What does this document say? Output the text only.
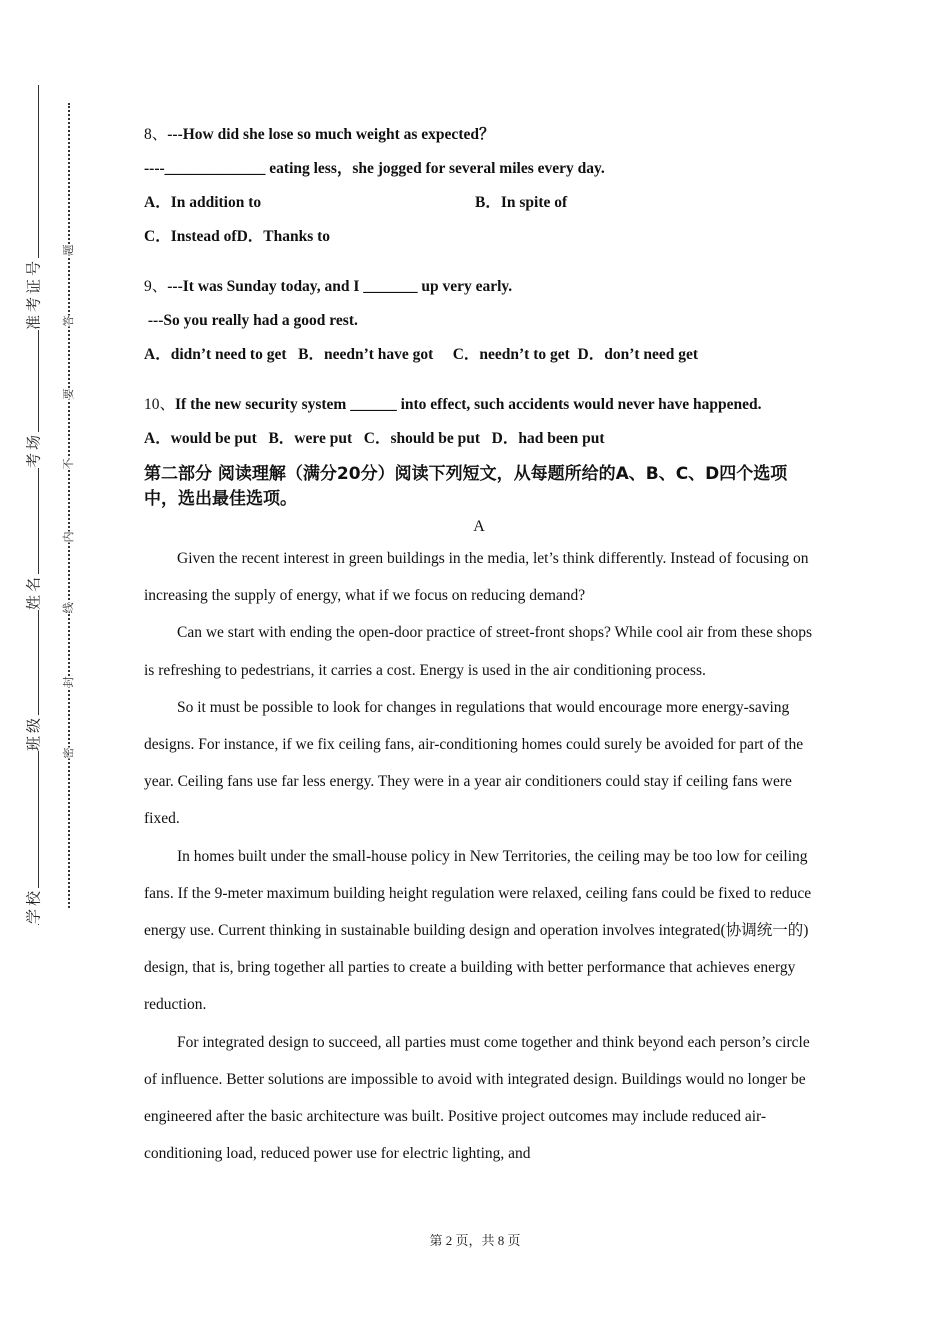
准考证号
考场
姓名
班级
学校
密
封
线
内
不
要
答
题
8、---How did she lose so much weight as expected？
----_____________ eating less，she jogged for several miles every day.
A．In addition to	B．In spite of
C．Instead ofD．Thanks to
9、---It was Sunday today, and I _______ up very early.
---So you really had a good rest.
A．didn’t need to get   B．needn’t have got     C．needn’t to get  D．don’t need get
10、If the new security system ______ into effect, such accidents would never have happened.
A．would be put   B．were put   C．should be put   D．had been put
第二部分 阅读理解（满分20分）阅读下列短文，从每题所给的A、B、C、D四个选项中，选出最佳选项。
A

Given the recent interest in green buildings in the media, let’s think differently. Instead of focusing on increasing the supply of energy, what if we focus on reducing demand?

Can we start with ending the open-door practice of street-front shops? While cool air from these shops is refreshing to pedestrians, it carries a cost. Energy is used in the air conditioning process.

So it must be possible to look for changes in regulations that would encourage more energy-saving designs. For instance, if we fix ceiling fans, air-conditioning homes could surely be avoided for part of the year. Ceiling fans use far less energy. They were in a year air conditioners could stay if ceiling fans were fixed.

In homes built under the small-house policy in New Territories, the ceiling may be too low for ceiling fans. If the 9-meter maximum building height regulation were relaxed, ceiling fans could be fixed to reduce energy use. Current thinking in sustainable building design and operation involves integrated(协调统一的) design, that is, bring together all parties to create a building with better performance that achieves energy reduction.

For integrated design to succeed, all parties must come together and think beyond each person’s circle of influence. Better solutions are impossible to avoid with integrated design. Buildings would no longer be engineered after the basic architecture was built. Positive project outcomes may include reduced air-conditioning load, reduced power use for electric lighting, and

第 2 页，共 8 页
